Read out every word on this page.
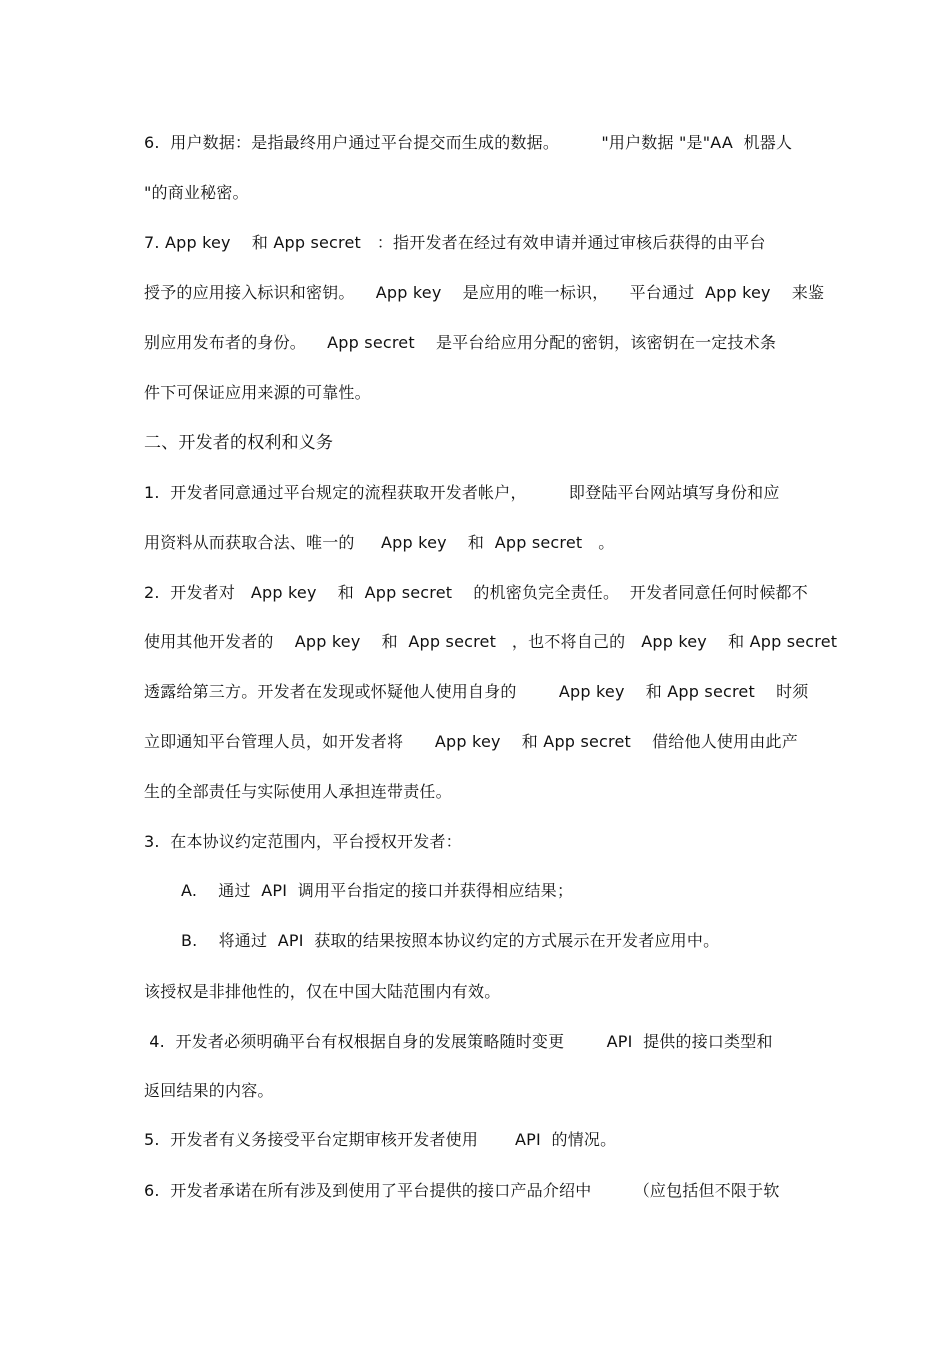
6.  用户数据：是指最终用户通过平台提交而生成的数据。        "用户数据 "是"AA  机器人
"的商业秘密。
7. App key    和 App secret   ：指开发者在经过有效申请并通过审核后获得的由平台
授予的应用接入标识和密钥。    App key    是应用的唯一标识，    平台通过  App key    来鉴
别应用发布者的身份。    App secret    是平台给应用分配的密钥，该密钥在一定技术条
件下可保证应用来源的可靠性。
二、开发者的权利和义务
1.  开发者同意通过平台规定的流程获取开发者帐户，        即登陆平台网站填写身份和应
用资料从而获取合法、唯一的     App key    和  App secret   。
2.  开发者对   App key    和  App secret    的机密负完全责任。  开发者同意任何时候都不
使用其他开发者的    App key    和  App secret   ，也不将自己的   App key    和 App secret
透露给第三方。开发者在发现或怀疑他人使用自身的        App key    和 App secret    时须
立即通知平台管理人员，如开发者将      App key    和 App secret    借给他人使用由此产
生的全部责任与实际使用人承担连带责任。
3.  在本协议约定范围内，平台授权开发者：
A.    通过  API  调用平台指定的接口并获得相应结果；
B.    将通过  API  获取的结果按照本协议约定的方式展示在开发者应用中。
该授权是非排他性的，仅在中国大陆范围内有效。
4.  开发者必须明确平台有权根据自身的发展策略随时变更        API  提供的接口类型和
返回结果的内容。
5.  开发者有义务接受平台定期审核开发者使用       API  的情况。
6.  开发者承诺在所有涉及到使用了平台提供的接口产品介绍中        （应包括但不限于软
